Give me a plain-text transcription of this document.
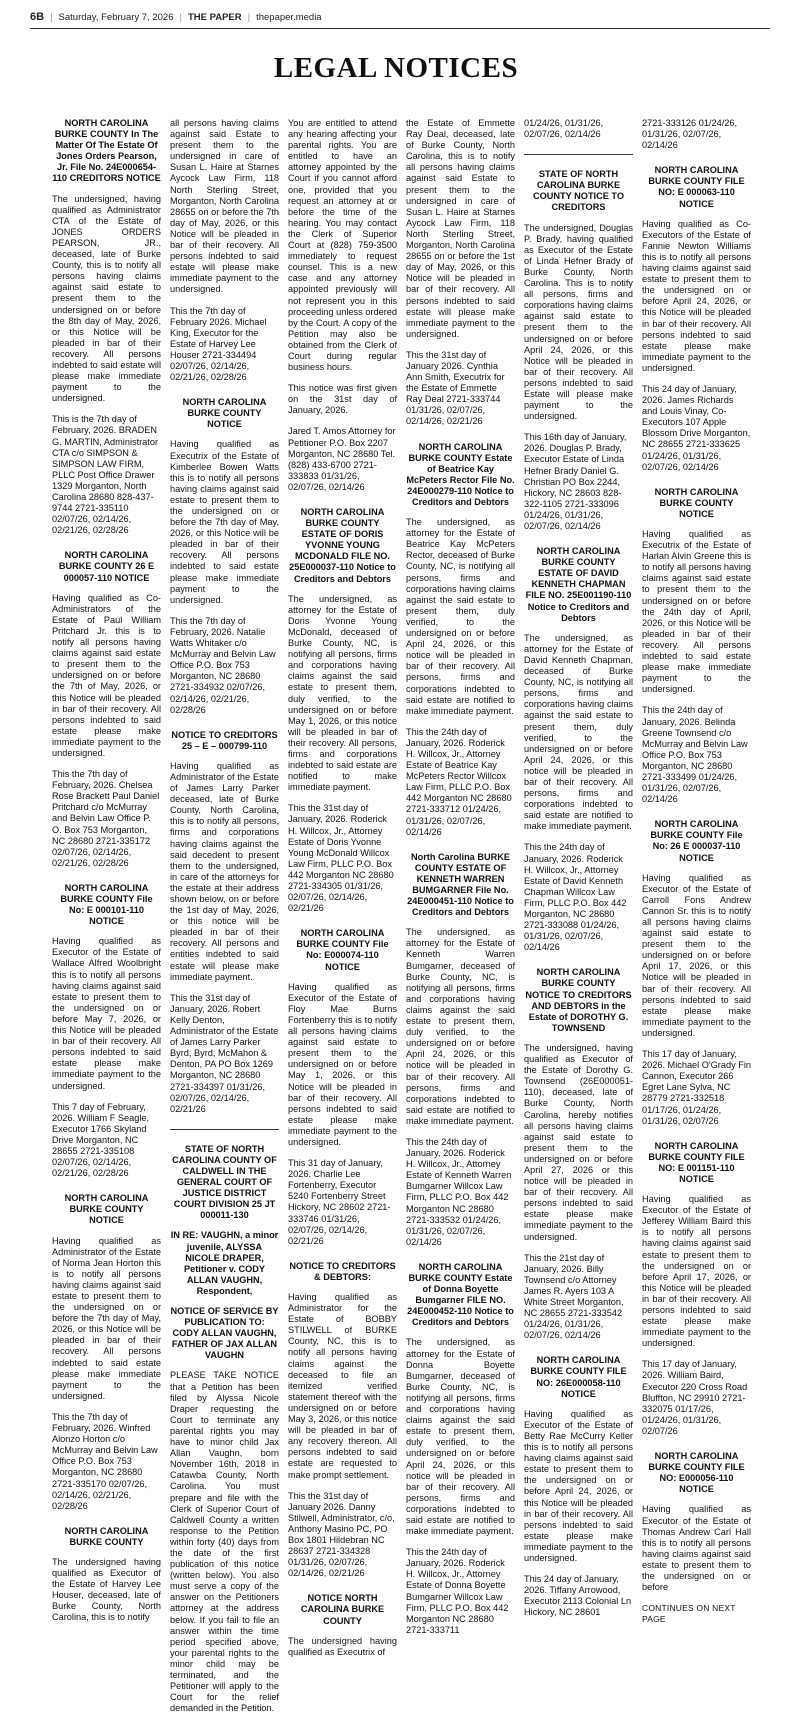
6B | Saturday, February 7, 2026 | THE PAPER | thepaper.media
LEGAL NOTICES
NORTH CAROLINA BURKE COUNTY In The Matter Of The Estate Of Jones Orders Pearson, Jr. File No. 24E000654-110 CREDITORS NOTICE
The undersigned, having qualified as Administrator CTA of the Estate of JONES ORDERS PEARSON, JR., deceased, late of Burke County, this is to notify all persons having claims against said estate to present them to the undersigned on or before the 8th day of May, 2026, or this Notice will be pleaded in bar of their recovery. All persons indebted to said estate will please make immediate payment to the undersigned.
This is the 7th day of February, 2026. BRADEN G. MARTIN, Administrator CTA c/o SIMPSON & SIMPSON LAW FIRM, PLLC Post Office Drawer 1329 Morganton, North Carolina 28680 828-437-9744 2721-335110 02/07/26, 02/14/26, 02/21/26, 02/28/26
NORTH CAROLINA BURKE COUNTY 26 E 000057-110 NOTICE
Having qualified as Co-Administrators of the Estate of Paul William Pritchard Jr. this is to notify all persons having claims against said estate to present them to the undersigned on or before the 7th of May, 2026, or this Notice will be pleaded in bar of their recovery. All persons indebted to said estate please make immediate payment to the undersigned.
This the 7th day of February, 2026. Chelsea Rose Brackett Paul Daniel Pritchard c/o McMurray and Belvin Law Office P. O. Box 753 Morganton, NC 28680 2721-335172 02/07/26, 02/14/26, 02/21/26, 02/28/26
NORTH CAROLINA BURKE COUNTY File No: E 000101-110 NOTICE
Having qualified as Executor of the Estate of Wallace Alfred Woolbright this is to notify all persons having claims against said estate to present them to the undersigned on or before May 7, 2026, or this Notice will be pleaded in bar of their recovery. All persons indebted to said estate please make immediate payment to the undersigned.
This 7 day of February, 2026. William F Seagle, Executor 1766 Skyland Drive Morganton, NC 28655 2721-335108 02/07/26, 02/14/26, 02/21/26, 02/28/26
NORTH CAROLINA BURKE COUNTY NOTICE
Having qualified as Administrator of the Estate of Norma Jean Horton this is to notify all persons having claims against said estate to present them to the undersigned on or before the 7th day of May, 2026, or this Notice will be pleaded in bar of their recovery. All persons indebted to said estate please make immediate payment to the undersigned.
This the 7th day of February, 2026. Winfred Alonzo Horton c/o McMurray and Belvin Law Office P.O. Box 753 Morganton, NC 28680 2721-335170 02/07/26, 02/14/26, 02/21/26, 02/28/26
NORTH CAROLINA BURKE COUNTY
The undersigned having qualified as Executor of the Estate of Harvey Lee Houser, deceased, late of Burke County, North Carolina, this is to notify
all persons having claims against said Estate to present them to the undersigned in care of Susan L. Haire at Starnes Aycock Law Firm, 118 North Sterling Street, Morganton, North Carolina 28655 on or before the 7th day of May, 2026, or this Notice will be pleaded in bar of their recovery. All persons indebted to said estate will please make immediate payment to the undersigned.
This the 7th day of February 2026. Michael King, Executor for the Estate of Harvey Lee Houser 2721-334494 02/07/26, 02/14/26, 02/21/26, 02/28/26
NORTH CAROLINA BURKE COUNTY NOTICE
Having qualified as Executrix of the Estate of Kimberlee Bowen Watts this is to notify all persons having claims against said estate to present them to the undersigned on or before the 7th day of May, 2026, or this Notice will be pleaded in bar of their recovery. All persons indebted to said estate please make immediate payment to the undersigned.
This the 7th day of February, 2026. Natalie Watts Whitaker c/o McMurray and Belvin Law Office P.O. Box 753 Morganton, NC 28680 2721-334932 02/07/26, 02/14/26, 02/21/26, 02/28/26
NOTICE TO CREDITORS 25 – E – 000799-110
Having qualified as Administrator of the Estate of James Larry Parker deceased, late of Burke County, North Carolina, this is to notify all persons, firms and corporations having claims against the said decedent to present them to the undersigned, in care of the attorneys for the estate at their address shown below, on or before the 1st day of May, 2026, or this notice will be pleaded in bar of their recovery. All persons and entities indebted to said estate will please make immediate payment.
This the 31st day of January, 2026. Robert Kelly Denton, Administrator of the Estate of James Larry Parker Byrd, Byrd, McMahon & Denton, PA PO Box 1269 Morganton, NC 28680 2721-334397 01/31/26, 02/07/26, 02/14/26, 02/21/26
STATE OF NORTH CAROLINA COUNTY OF CALDWELL IN THE GENERAL COURT OF JUSTICE DISTRICT COURT DIVISION 25 JT 000011-130
IN RE: VAUGHN, a minor juvenile, ALYSSA NICOLE DRAPER, Petitioner v. CODY ALLAN VAUGHN, Respondent,
NOTICE OF SERVICE BY PUBLICATION TO: CODY ALLAN VAUGHN, FATHER OF JAX ALLAN VAUGHN
PLEASE TAKE NOTICE that a Petition has been filed by Alyssa Nicole Draper requesting the Court to terminate any parental rights you may have to minor child Jax Allan Vaughn, born November 16th, 2018 in Catawba County, North Carolina. You must prepare and file with the Clerk of Superior Court of Caldwell County a written response to the Petition within forty (40) days from the date of the first publication of this notice (written below). You also must serve a copy of the answer on the Petitioners attorney at the address below. If you fail to file an answer within the time period specified above, your parental rights to the minor child may be terminated, and the Petitioner will apply to the Court for the relief demanded in the Petition.
You are entitled to attend any hearing affecting your parental rights. You are entitled to have an attorney appointed by the Court if you cannot afford one, provided that you request an attorney at or before the time of the hearing. You may contact the Clerk of Superior Court at (828) 759-3500 immediately to request counsel. This is a new case and any attorney appointed previously will not represent you in this proceeding unless ordered by the Court. A copy of the Petition may also be obtained from the Clerk of Court during regular business hours.
This notice was first given on the 31st day of January, 2026.
Jared T. Amos Attorney for Petitioner P.O. Box 2207 Morganton, NC 28680 Tel. (828) 433-6700 2721-333833 01/31/26, 02/07/26, 02/14/26
NORTH CAROLINA BURKE COUNTY ESTATE OF DORIS YVONNE YOUNG MCDONALD FILE NO. 25E000037-110 Notice to Creditors and Debtors
The undersigned, as attorney for the Estate of Doris Yvonne Young McDonald, deceased of Burke County, NC, is notifying all persons, firms and corporations having claims against the said estate to present them, duly verified, to the undersigned on or before May 1, 2026, or this notice will be pleaded in bar of their recovery. All persons, firms and corporations indebted to said estate are notified to make immediate payment.
This the 31st day of January, 2026. Roderick H. Willcox, Jr., Attorney Estate of Doris Yvonne Young McDonald Willcox Law Firm, PLLC P.O. Box 442 Morganton NC 28680 2721-334305 01/31/26, 02/07/26, 02/14/26, 02/21/26
NORTH CAROLINA BURKE COUNTY File No: E000074-110 NOTICE
Having qualified as Executor of the Estate of Floy Mae Burns Fortenberry this is to notify all persons having claims against said estate to present them to the undersigned on or before May 1, 2026, or this Notice will be pleaded in bar of their recovery. All persons indebted to said estate please make immediate payment to the undersigned.
This 31 day of January, 2026. Charlie Lee Fortenberry, Executor 5240 Fortenberry Street Hickory, NC 28602 2721-333746 01/31/26, 02/07/26, 02/14/26, 02/21/26
NOTICE TO CREDITORS & DEBTORS:
Having qualified as Administrator for the Estate of BOBBY STILWELL of BURKE County, NC, this is to notify all persons having claims against the deceased to file an itemized verified statement thereof with the undersigned on or before May 3, 2026, or this notice will be pleaded in bar of any recovery thereon. All persons indebted to said estate are requested to make prompt settlement.
This the 31st day of January 2026. Danny Stilwell, Administrator, c/o, Anthony Masino PC, PO Box 1801 Hildebran NC 28637 2721-334328 01/31/26, 02/07/26, 02/14/26, 02/21/26
NOTICE NORTH CAROLINA BURKE COUNTY
The undersigned having qualified as Executrix of
the Estate of Emmette Ray Deal, deceased, late of Burke County, North Carolina, this is to notify all persons having claims against said Estate to present them to the undersigned in care of Susan L. Haire at Starnes Aycock Law Firm, 118 North Sterling Street, Morganton, North Carolina 28655 on or before the 1st day of May, 2026, or this Notice will be pleaded in bar of their recovery. All persons indebted to said estate will please make immediate payment to the undersigned.
This the 31st day of January 2026. Cynthia Ann Smith, Executrix for the Estate of Emmette Ray Deal 2721-333744 01/31/26, 02/07/26, 02/14/26, 02/21/26
NORTH CAROLINA BURKE COUNTY Estate of Beatrice Kay McPeters Rector File No. 24E000279-110 Notice to Creditors and Debtors
The undersigned, as attorney for the Estate of Beatrice Kay McPeters Rector, deceased of Burke County, NC, is notifying all persons, firms and corporations having claims against the said estate to present them, duly verified, to the undersigned on or before April 24, 2026, or this notice will be pleaded in bar of their recovery. All persons, firms and corporations indebted to said estate are notified to make immediate payment.
This the 24th day of January, 2026. Roderick H. Willcox, Jr., Attorney Estate of Beatrice Kay McPeters Rector Willcox Law Firm, PLLC P.O. Box 442 Morganton NC 28680 2721-333712 01/24/26, 01/31/26, 02/07/26, 02/14/26
North Carolina BURKE COUNTY ESTATE OF KENNETH WARREN BUMGARNER File No. 24E000451-110 Notice to Creditors and Debtors
The undersigned, as attorney for the Estate of Kenneth Warren Bumgarner, deceased of Burke County, NC, is notifying all persons, firms and corporations having claims against the said estate to present them, duly verified, to the undersigned on or before April 24, 2026, or this notice will be pleaded in bar of their recovery. All persons, firms and corporations indebted to said estate are notified to make immediate payment.
This the 24th day of January, 2026. Roderick H. Willcox, Jr., Attorney Estate of Kenneth Warren Bumgarner Willcox Law Firm, PLLC P.O. Box 442 Morganton NC 28680 2721-333532 01/24/26, 01/31/26, 02/07/26, 02/14/26
NORTH CAROLINA BURKE COUNTY Estate of Donna Boyette Bumgarner FILE NO. 24E000452-110 Notice to Creditors and Debtors
The undersigned, as attorney for the Estate of Donna Boyette Bumgarner, deceased of Burke County, NC, is notifying all persons, firms and corporations having claims against the said estate to present them, duly verified, to the undersigned on or before April 24, 2026, or this notice will be pleaded in bar of their recovery. All persons, firms and corporations indebted to said estate are notified to make immediate payment.
This the 24th day of January, 2026. Roderick H. Willcox, Jr., Attorney Estate of Donna Boyette Bumgarner Willcox Law Firm, PLLC P.O. Box 442 Morganton NC 28680 2721-333711
01/24/26, 01/31/26, 02/07/26, 02/14/26
STATE OF NORTH CAROLINA BURKE COUNTY NOTICE TO CREDITORS
The undersigned, Douglas P. Brady, having qualified as Executor of the Estate of Linda Hefner Brady of Burke County, North Carolina. This is to notify all persons, firms and corporations having claims against said estate to present them to the undersigned on or before April 24, 2026, or this Notice will be pleaded in bar of their recovery. All persons indebted to said Estate will please make payment to the undersigned.
This 16th day of January, 2026. Douglas P. Brady, Executor Estate of Linda Hefner Brady Daniel G. Christian PO Box 2244, Hickory, NC 28603 828-322-1105 2721-333096 01/24/26, 01/31/26, 02/07/26, 02/14/26
NORTH CAROLINA BURKE COUNTY ESTATE OF DAVID KENNETH CHAPMAN FILE NO. 25E001190-110 Notice to Creditors and Debtors
The undersigned, as attorney for the Estate of David Kenneth Chapman, deceased of Burke County, NC, is notifying all persons, firms and corporations having claims against the said estate to present them, duly verified, to the undersigned on or before April 24, 2026, or this notice will be pleaded in bar of their recovery. All persons, firms and corporations indebted to said estate are notified to make immediate payment.
This the 24th day of January, 2026. Roderick H. Willcox, Jr., Attorney Estate of David Kenneth Chapman Willcox Law Firm, PLLC P.O. Box 442 Morganton, NC 28680 2721-333088 01/24/26, 01/31/26, 02/07/26, 02/14/26
NORTH CAROLINA BURKE COUNTY NOTICE TO CREDITORS AND DEBTORS in the Estate of DOROTHY G. TOWNSEND
The undersigned, having qualified as Executor of the Estate of Dorothy G. Townsend (26E000051-110), deceased, late of Burke County, North Carolina, hereby notifies all persons having claims against said estate to present them to the undersigned on or before April 27, 2026 or this notice will be pleaded in bar of their recovery. All persons indebted to said estate please make immediate payment to the undersigned.
This the 21st day of January, 2026. Billy Townsend c/o Attorney James R. Ayers 103 A White Street Morganton, NC 28655 2721-333542 01/24/26, 01/31/26, 02/07/26, 02/14/26
NORTH CAROLINA BURKE COUNTY FILE NO: 26E000058-110 NOTICE
Having qualified as Executor of the Estate of Betty Rae McCurry Keller this is to notify all persons having claims against said estate to present them to the undersigned on or before April 24, 2026, or this Notice will be pleaded in bar of their recovery. All persons indebted to said estate please make immediate payment to the undersigned.
This 24 day of January, 2026. Tiffany Arrowood, Executor 2113 Colonial Ln Hickory, NC 28601
2721-333126 01/24/26, 01/31/26, 02/07/26, 02/14/26
NORTH CAROLINA BURKE COUNTY FILE NO: E 000063-110 NOTICE
Having qualified as Co-Executors of the Estate of Fannie Newton Williams this is to notify all persons having claims against said estate to present them to the undersigned on or before April 24, 2026, or this Notice will be pleaded in bar of their recovery. All persons indebted to said estate please make immediate payment to the undersigned.
This 24 day of January, 2026. James Richards and Louis Vinay, Co-Executors 107 Apple Blossom Drive Morganton, NC 28655 2721-333625 01/24/26, 01/31/26, 02/07/26, 02/14/26
NORTH CAROLINA BURKE COUNTY NOTICE
Having qualified as Executrix of the Estate of Harlan Alvin Greene this is to notify all persons having claims against said estate to present them to the undersigned on or before the 24th day of April, 2026, or this Notice will be pleaded in bar of their recovery. All persons indebted to said estate please make immediate payment to the undersigned.
This the 24th day of January, 2026. Belinda Greene Townsend c/o McMurray and Belvin Law Office P.O. Box 753 Morganton, NC 28680 2721-333499 01/24/26, 01/31/26, 02/07/26, 02/14/26
NORTH CAROLINA BURKE COUNTY File No: 26 E 000037-110 NOTICE
Having qualified as Executor of the Estate of Carroll Fons Andrew Cannon Sr. this is to notify all persons having claims against said estate to present them to the undersigned on or before April 17, 2026, or this Notice will be pleaded in bar of their recovery. All persons indebted to said estate please make immediate payment to the undersigned.
This 17 day of January, 2026. Michael O'Grady Fin Cannon, Executor 266 Egret Lane Sylva, NC 28779 2721-332518 01/17/26, 01/24/26, 01/31/26, 02/07/26
NORTH CAROLINA BURKE COUNTY FILE NO: E 001151-110 NOTICE
Having qualified as Executor of the Estate of Jefferey William Baird this is to notify all persons having claims against said estate to present them to the undersigned on or before April 17, 2026, or this Notice will be pleaded in bar of their recovery. All persons indebted to said estate please make immediate payment to the undersigned.
This 17 day of January, 2026. William Baird, Executor 220 Cross Road Bluffton, NC 29910 2721-332075 01/17/26, 01/24/26, 01/31/26, 02/07/26
NORTH CAROLINA BURKE COUNTY FILE NO: E000056-110 NOTICE
Having qualified as Executor of the Estate of Thomas Andrew Carl Hall this is to notify all persons having claims against said estate to present them to the undersigned on or before
CONTINUES ON NEXT PAGE
